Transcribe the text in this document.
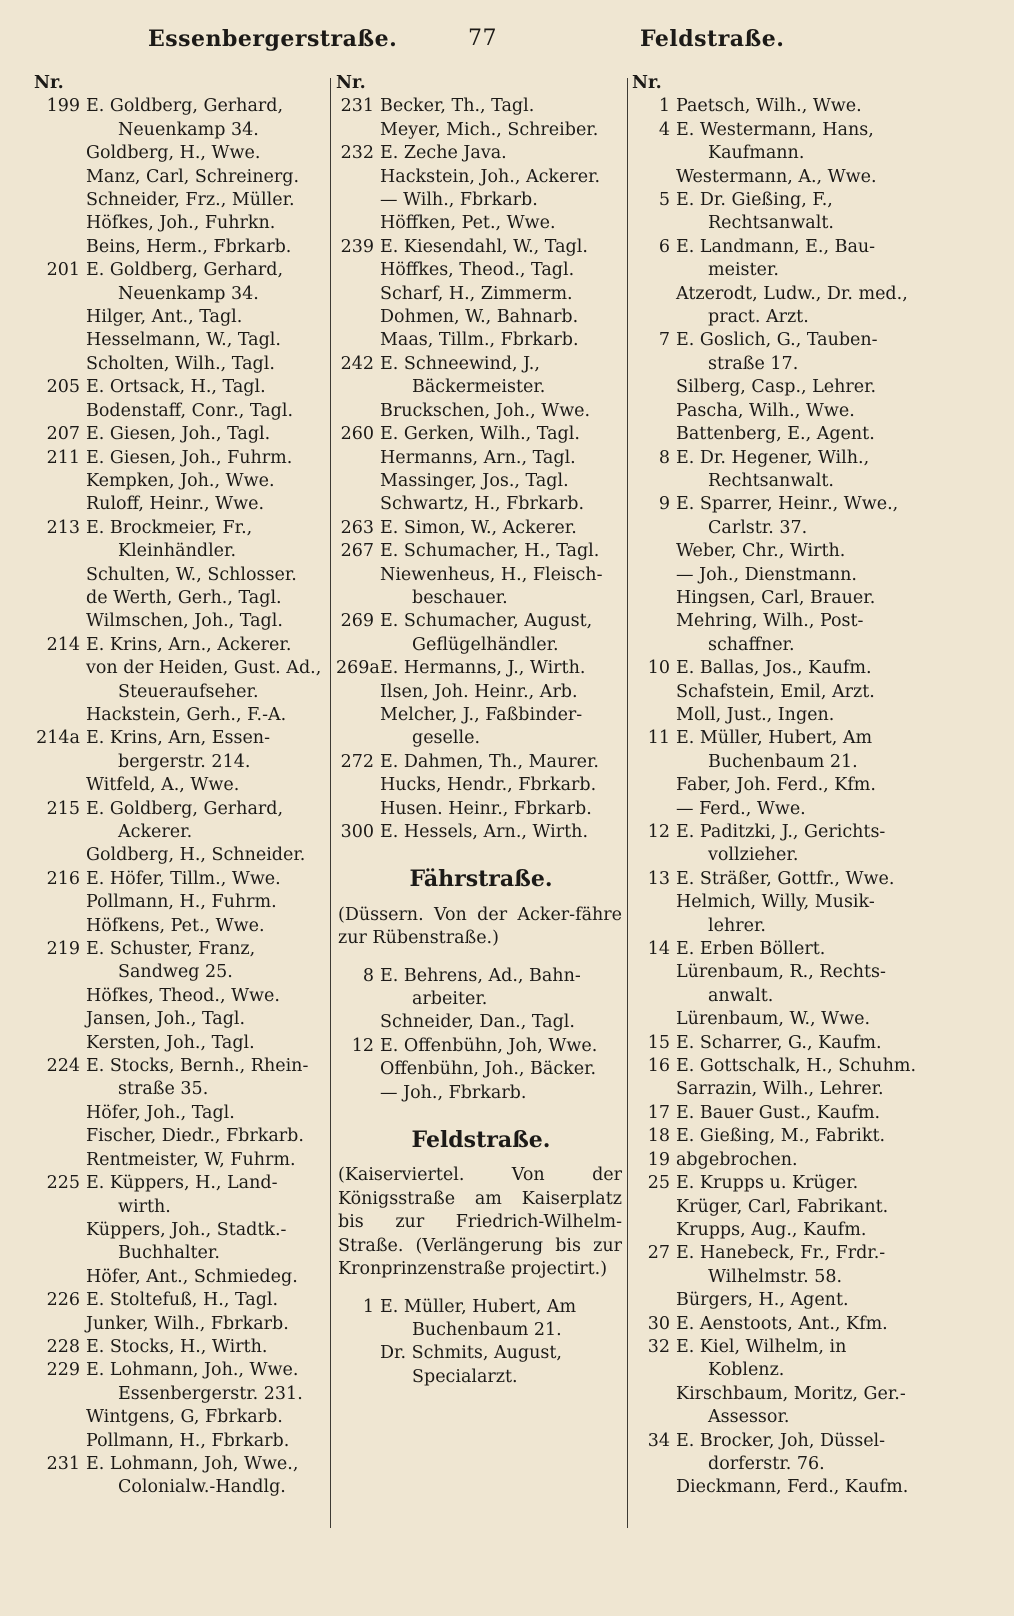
Essenbergerstraße.	77	Feldstraße.
Nr.
199 E. Goldberg, Gerhard,
Neuenkamp 34.
Goldberg, H., Wwe.
Manz, Carl, Schreinerg.
Schneider, Frz., Müller.
Höfkes, Joh., Fuhrkn.
Beins, Herm., Fbrkarb.
201 E. Goldberg, Gerhard,
Neuenkamp 34.
Hilger, Ant., Tagl.
Hesselmann, W., Tagl.
Scholten, Wilh., Tagl.
205 E. Ortsack, H., Tagl.
Bodenstaff, Conr., Tagl.
207 E. Giesen, Joh., Tagl.
211 E. Giesen, Joh., Fuhrm.
Kempken, Joh., Wwe.
Ruloff, Heinr., Wwe.
213 E. Brockmeier, Fr.,
Kleinhändler.
Schulten, W., Schlosser.
de Werth, Gerh., Tagl.
Wilmschen, Joh., Tagl.
214 E. Krins, Arn., Ackerer.
von der Heiden, Gust. Ad.,
Steueraufseher.
Hackstein, Gerh., F.-A.
214a E. Krins, Arn, Essen-
bergerstr. 214.
Witfeld, A., Wwe.
215 E. Goldberg, Gerhard,
Ackerer.
Goldberg, H., Schneider.
216 E. Höfer, Tillm., Wwe.
Pollmann, H., Fuhrm.
Höfkens, Pet., Wwe.
219 E. Schuster, Franz,
Sandweg 25.
Höfkes, Theod., Wwe.
Jansen, Joh., Tagl.
Kersten, Joh., Tagl.
224 E. Stocks, Bernh., Rhein-
straße 35.
Höfer, Joh., Tagl.
Fischer, Diedr., Fbrkarb.
Rentmeister, W, Fuhrm.
225 E. Küppers, H., Land-
wirth.
Küppers, Joh., Stadtk.-
Buchhalter.
Höfer, Ant., Schmiedeg.
226 E. Stoltefuß, H., Tagl.
Junker, Wilh., Fbrkarb.
228 E. Stocks, H., Wirth.
229 E. Lohmann, Joh., Wwe.
Essenbergerstr. 231.
Wintgens, G, Fbrkarb.
Pollmann, H., Fbrkarb.
231 E. Lohmann, Joh, Wwe.,
Colonialw.-Handlg.
Nr.
231 Becker, Th., Tagl.
Meyer, Mich., Schreiber.
232 E. Zeche Java.
Hackstein, Joh., Ackerer.
— Wilh., Fbrkarb.
Höffken, Pet., Wwe.
239 E. Kiesendahl, W., Tagl.
Höffkes, Theod., Tagl.
Scharf, H., Zimmerm.
Dohmen, W., Bahnarb.
Maas, Tillm., Fbrkarb.
242 E. Schneewind, J.,
Bäckermeister.
Bruckschen, Joh., Wwe.
260 E. Gerken, Wilh., Tagl.
Hermanns, Arn., Tagl.
Massinger, Jos., Tagl.
Schwartz, H., Fbrkarb.
263 E. Simon, W., Ackerer.
267 E. Schumacher, H., Tagl.
Niewenheus, H., Fleisch-
beschauer.
269 E. Schumacher, August,
Geflügelhändler.
269a E. Hermanns, J., Wirth.
Ilsen, Joh. Heinr., Arb.
Melcher, J., Faßbinder-
geselle.
272 E. Dahmen, Th., Maurer.
Hucks, Hendr., Fbrkarb.
Husen. Heinr., Fbrkarb.
300 E. Hessels, Arn., Wirth.
Fährstraße.
(Düssern. Von der Acker-fähre zur Rübenstraße.)
8 E. Behrens, Ad., Bahn-
arbeiter.
Schneider, Dan., Tagl.
12 E. Offenbühn, Joh, Wwe.
Offenbühn, Joh., Bäcker.
— Joh., Fbrkarb.
Feldstraße.
(Kaiserviertel. Von der Königsstraße am Kaiserplatz bis zur Friedrich-Wilhelm-Straße. (Verlängerung bis zur Kronprinzenstraße projectirt.)
1 E. Müller, Hubert, Am
Buchenbaum 21.
Dr. Schmits, August,
Specialarzt.
Nr.
1 Paetsch, Wilh., Wwe.
4 E. Westermann, Hans,
Kaufmann.
Westermann, A., Wwe.
5 E. Dr. Gießing, F.,
Rechtsanwalt.
6 E. Landmann, E., Bau-
meister.
Atzerodt, Ludw., Dr. med.,
pract. Arzt.
7 E. Goslich, G., Tauben-
straße 17.
Silberg, Casp., Lehrer.
Pascha, Wilh., Wwe.
Battenberg, E., Agent.
8 E. Dr. Hegener, Wilh.,
Rechtsanwalt.
9 E. Sparrer, Heinr., Wwe.,
Carlstr. 37.
Weber, Chr., Wirth.
— Joh., Dienstmann.
Hingsen, Carl, Brauer.
Mehring, Wilh., Post-
schaffner.
10 E. Ballas, Jos., Kaufm.
Schafstein, Emil, Arzt.
Moll, Just., Ingen.
11 E. Müller, Hubert, Am
Buchenbaum 21.
Faber, Joh. Ferd., Kfm.
— Ferd., Wwe.
12 E. Paditzki, J., Gerichts-
vollzieher.
13 E. Sträßer, Gottfr., Wwe.
Helmich, Willy, Musik-
lehrer.
14 E. Erben Böllert.
Lürenbaum, R., Rechts-
anwalt.
Lürenbaum, W., Wwe.
15 E. Scharrer, G., Kaufm.
16 E. Gottschalk, H., Schuhm.
Sarrazin, Wilh., Lehrer.
17 E. Bauer Gust., Kaufm.
18 E. Gießing, M., Fabrikt.
19 abgebrochen.
25 E. Krupps u. Krüger.
Krüger, Carl, Fabrikant.
Krupps, Aug., Kaufm.
27 E. Hanebeck, Fr., Frdr.-
Wilhelmstr. 58.
Bürgers, H., Agent.
30 E. Aenstoots, Ant., Kfm.
32 E. Kiel, Wilhelm, in
Koblenz.
Kirschbaum, Moritz, Ger.-
Assessor.
34 E. Brocker, Joh, Düssel-
dorferstr. 76.
Dieckmann, Ferd., Kaufm.
